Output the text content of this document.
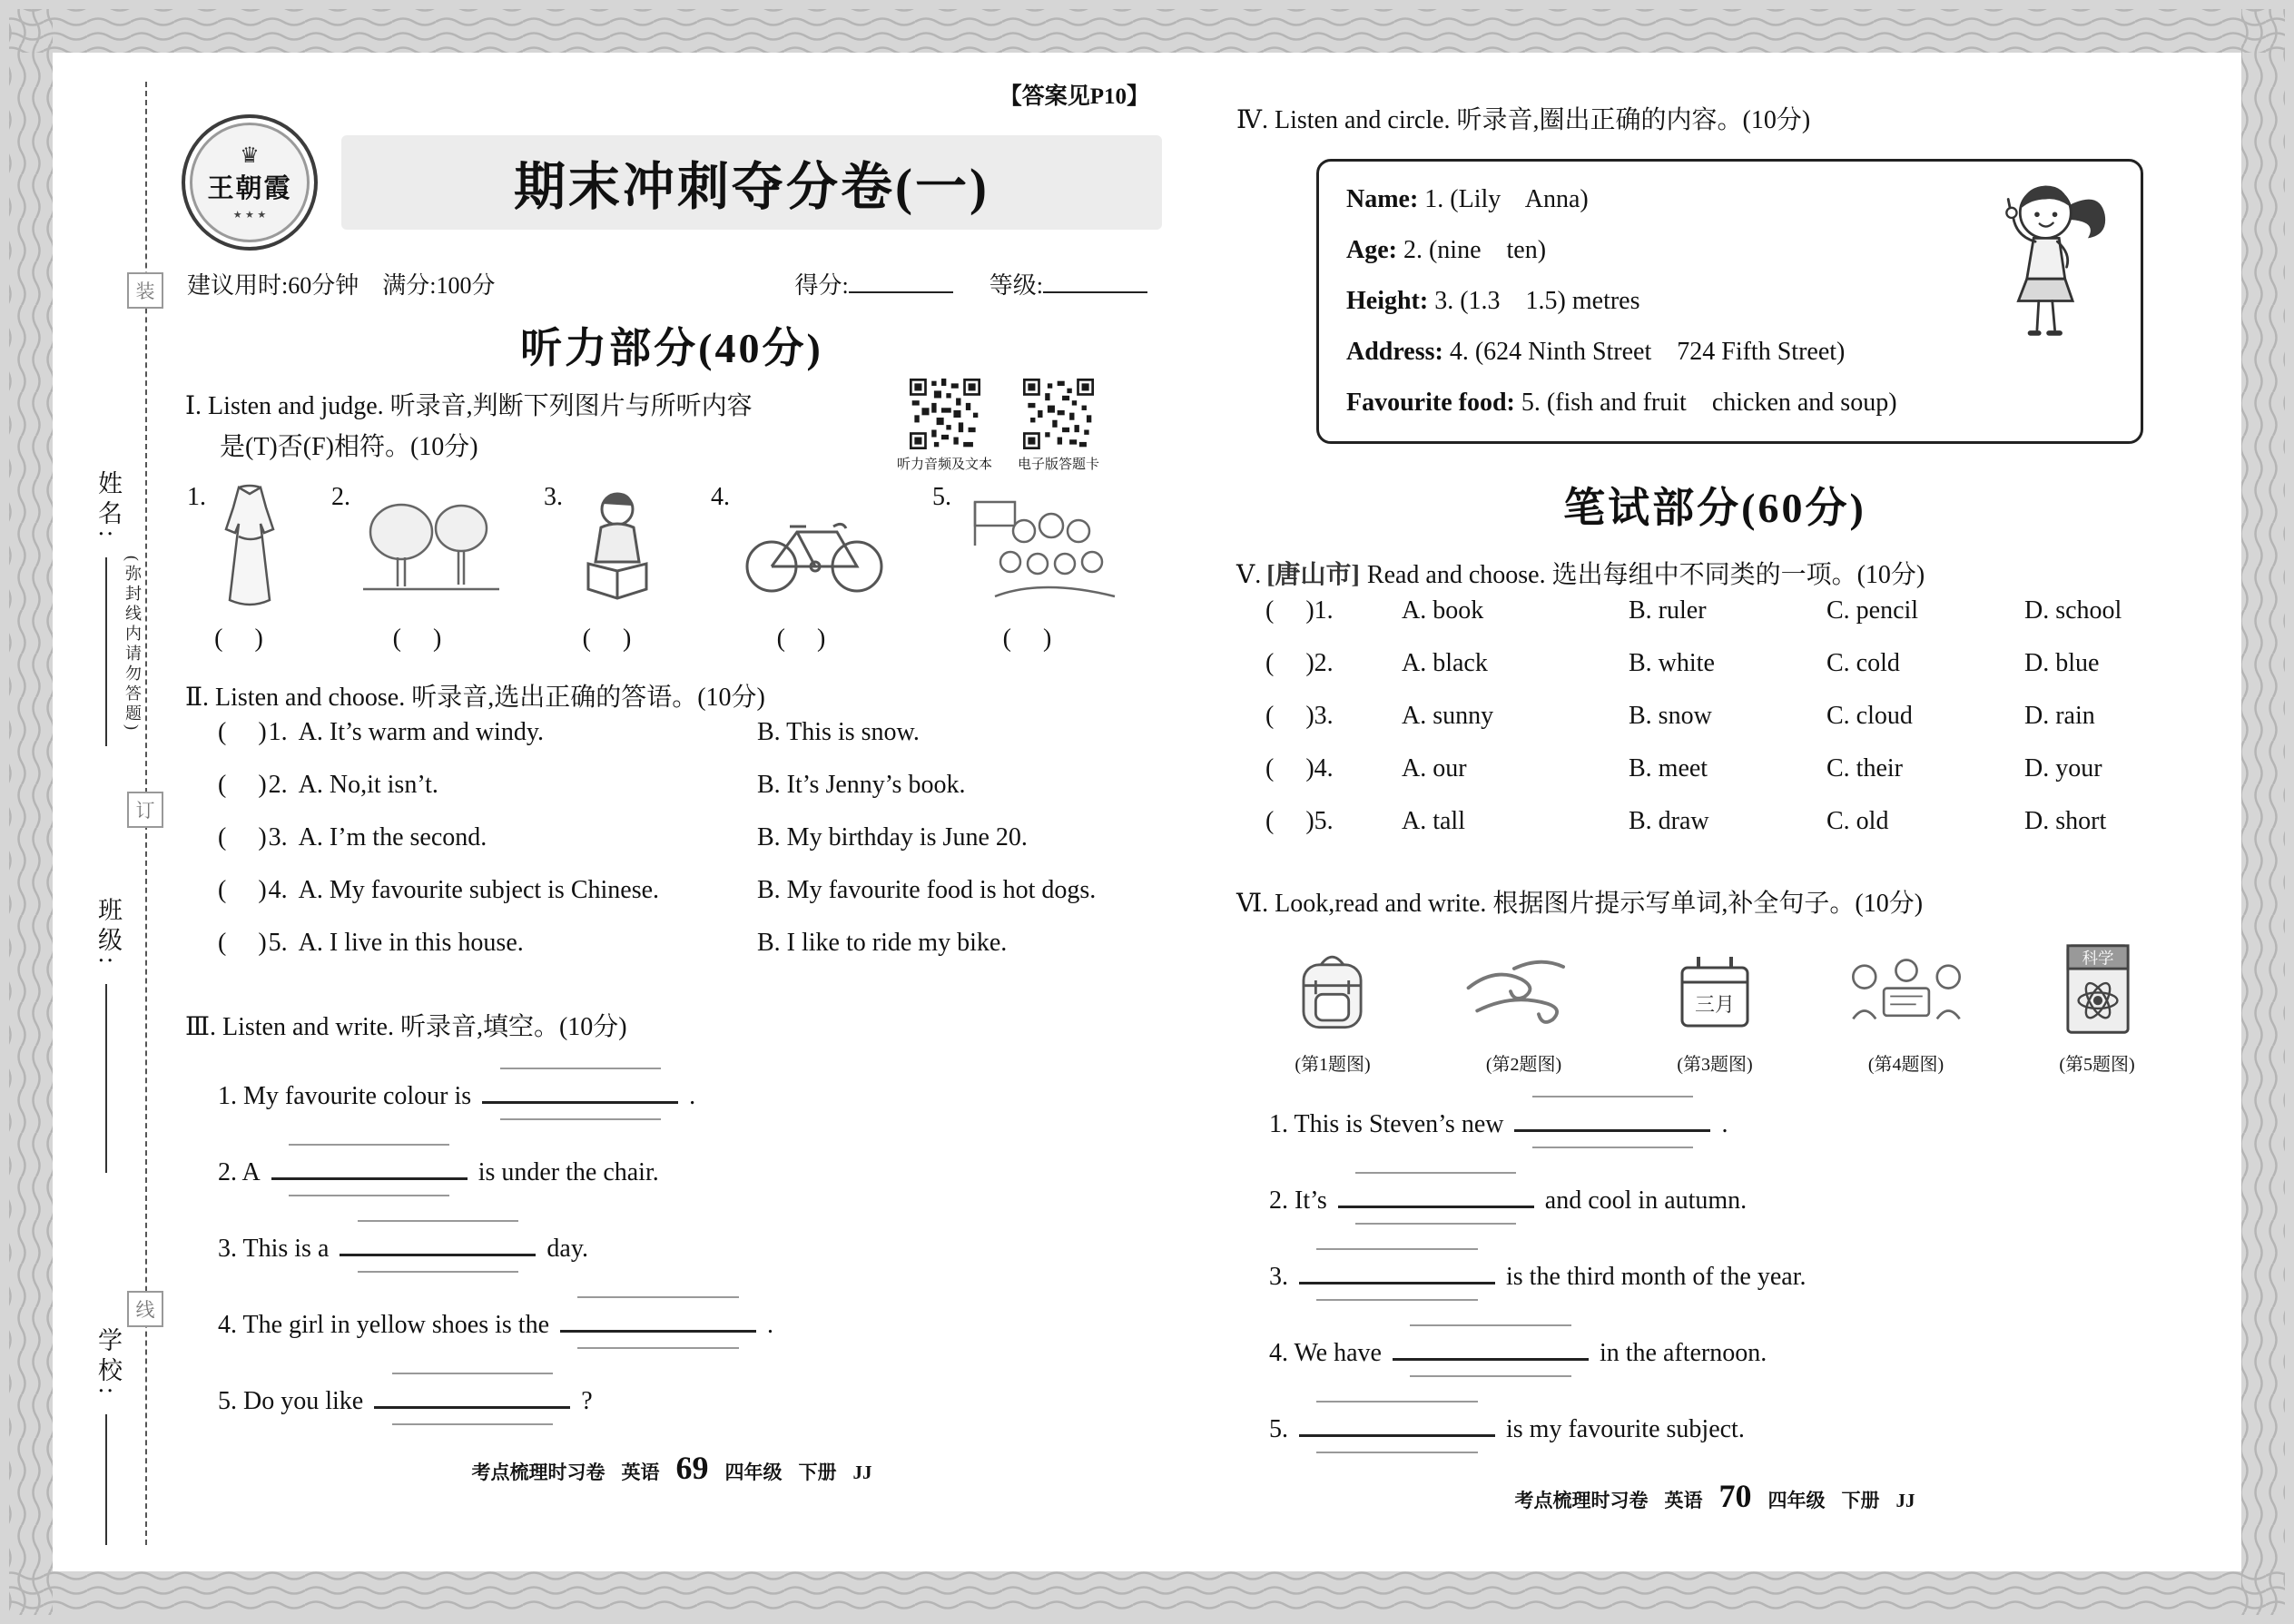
姓名:
(弥封线内请勿答题)
班级:
学校:
装
订
线
【答案见P10】
♛
王朝霞
★ ★ ★	期末冲刺夺分卷(一)
建议用时:60分钟    满分:100分	得分:	等级:
听力部分(40分)
Ⅰ. Listen and judge. 听录音,判断下列图片与所听内容
是(T)否(F)相符。(10分)
听力音频及文本 电子版答题卡
1.
(     )
2.
(     )
3.
(     )
4.
(     )
5.
(     )
Ⅱ. Listen and choose. 听录音,选出正确的答语。(10分)
(     )1. A. It’s warm and windy.	B. This is snow.
(     )2. A. No,it isn’t.	B. It’s Jenny’s book.
(     )3. A. I’m the second.	B. My birthday is June 20.
(     )4. A. My favourite subject is Chinese.	B. My favourite food is hot dogs.
(     )5. A. I live in this house.	B. I like to ride my bike.
Ⅲ. Listen and write. 听录音,填空。(10分)
1. My favourite colour is	.
2. A	is under the chair.
3. This is a	day.
4. The girl in yellow shoes is the	.
5. Do you like	?
考点梳理时习卷 英语 69 四年级 下册 JJ
Ⅳ. Listen and circle. 听录音,圈出正确的内容。(10分)
Name: 1. (Lily    Anna)
Age: 2. (nine    ten)
Height: 3. (1.3    1.5) metres
Address: 4. (624 Ninth Street    724 Fifth Street)
Favourite food: 5. (fish and fruit    chicken and soup)
笔试部分(60分)
Ⅴ. [唐山市] Read and choose. 选出每组中不同类的一项。(10分)
(     )1.	A. book	B. ruler	C. pencil	D. school
(     )2.	A. black	B. white	C. cold	D. blue
(     )3.	A. sunny	B. snow	C. cloud	D. rain
(     )4.	A. our	B. meet	C. their	D. your
(     )5.	A. tall	B. draw	C. old	D. short
Ⅵ. Look,read and write. 根据图片提示写单词,补全句子。(10分)
(第1题图)	(第2题图)
三月
(第3题图)	(第4题图)
科学
(第5题图)
1. This is Steven’s new	.
2. It’s	and cool in autumn.
3.	is the third month of the year.
4. We have	in the afternoon.
5.	is my favourite subject.
考点梳理时习卷 英语 70 四年级 下册 JJ
